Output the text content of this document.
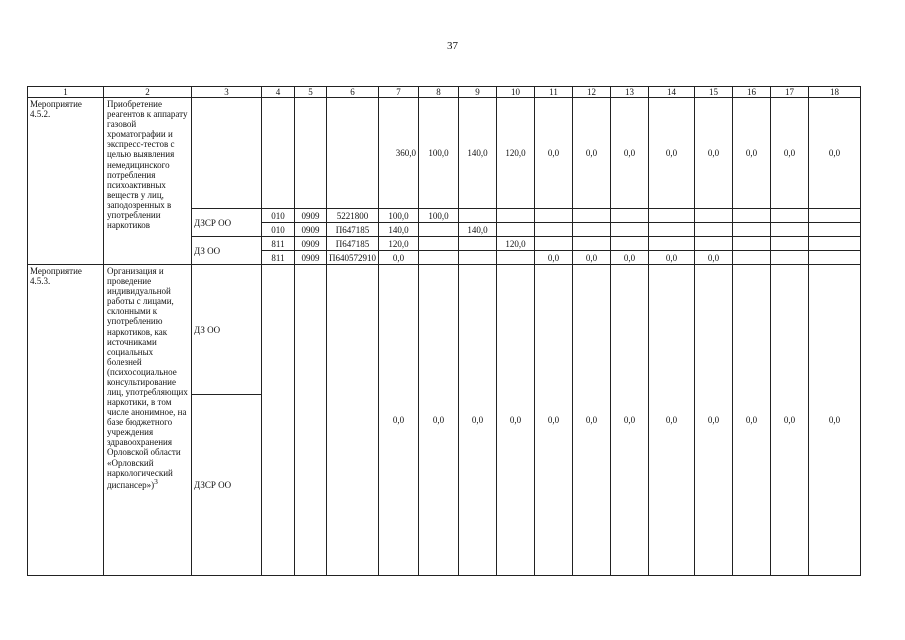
37
1	2	3	4	5	6	7	8	9	10	11	12	13	14	15	16	17	18
Мероприятие 4.5.2.	Приобретение реагентов к аппарату газовой хроматографии и экспресс-тестов с целью выявления немедицинского потребления психоактивных веществ у лиц, заподозренных в употреблении наркотиков					360,0	100,0	140,0	120,0	0,0	0,0	0,0	0,0	0,0	0,0	0,0	0,0
		ДЗСР ОО	010	0909	5221800	100,0	100,0										
			010	0909	П647185	140,0		140,0									
		ДЗ ОО	811	0909	П647185	120,0			120,0								
			811	0909	П640572910	0,0				0,0	0,0	0,0	0,0	0,0			
Мероприятие 4.5.3.	Организация и проведение индивидуальной работы с лицами, склонными к употреблению наркотиков, как источниками социальных болезней (психосоциальное консультирование лиц, употребляющих наркотики, в том числе анонимное, на базе бюджетного учреждения здравоохранения Орловской области «Орловский наркологический диспансер»)$^3$	ДЗ ОО				0,0	0,0	0,0	0,0	0,0	0,0	0,0	0,0	0,0	0,0	0,0	0,0
		ДЗСР ОО															
